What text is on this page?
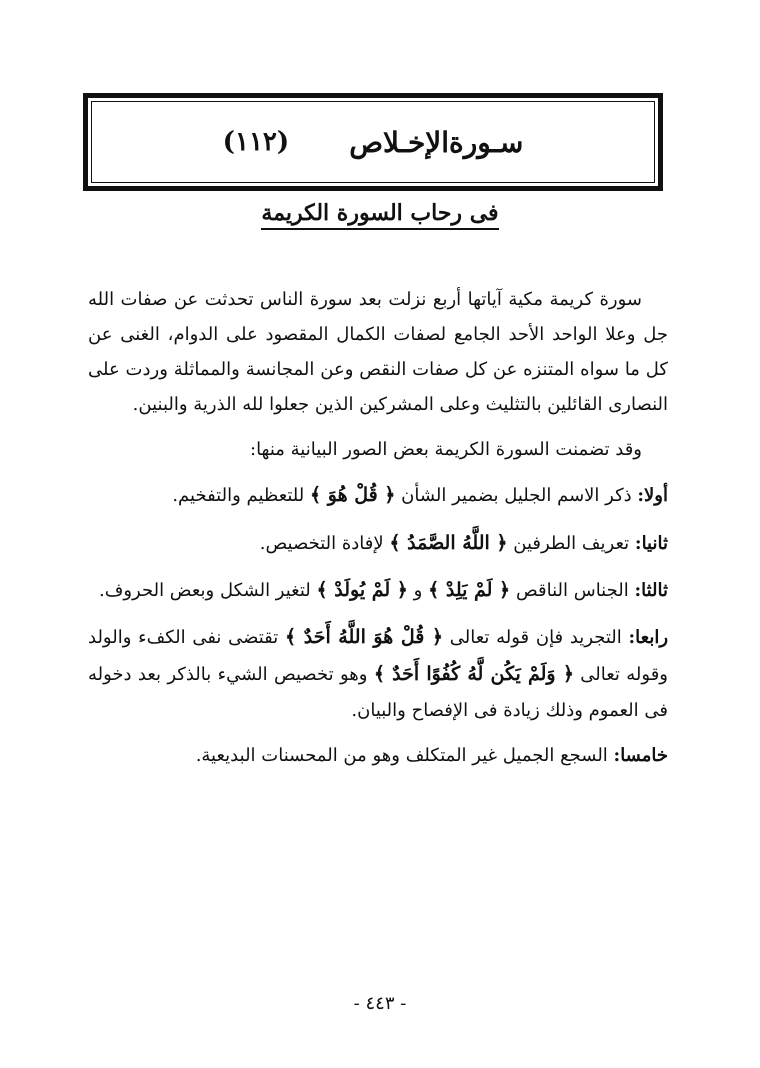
سـورةالإخـلاص
(١١٢)
فى رحاب السورة الكريمة

سورة كريمة مكية آياتها أربع نزلت بعد سورة الناس تحدثت عن صفات الله جل وعلا الواحد الأحد الجامع لصفات الكمال المقصود على الدوام، الغنى عن كل ما سواه المتنزه عن كل صفات النقص وعن المجانسة والمماثلة وردت على النصارى القائلين بالتثليث وعلى المشركين الذين جعلوا لله الذرية والبنين.

وقد تضمنت السورة الكريمة بعض الصور البيانية منها:

أولا: ذكر الاسم الجليل بضمير الشأن ﴿ قُلْ هُوَ ﴾ للتعظيم والتفخيم.

ثانيا: تعريف الطرفين ﴿ اللَّهُ الصَّمَدُ ﴾ لإفادة التخصيص.

ثالثا: الجناس الناقص ﴿ لَمْ يَلِدْ ﴾ و ﴿ لَمْ يُولَدْ ﴾ لتغير الشكل وبعض الحروف.

رابعا: التجريد فإن قوله تعالى ﴿ قُلْ هُوَ اللَّهُ أَحَدٌ ﴾ تقتضى نفى الكفء والولد وقوله تعالى ﴿ وَلَمْ يَكُن لَّهُ كُفُوًا أَحَدٌ ﴾ وهو تخصيص الشيء بالذكر بعد دخوله فى العموم وذلك زيادة فى الإفصاح والبيان.

خامسا: السجع الجميل غير المتكلف وهو من المحسنات البديعية.

- ٤٤٣ -
